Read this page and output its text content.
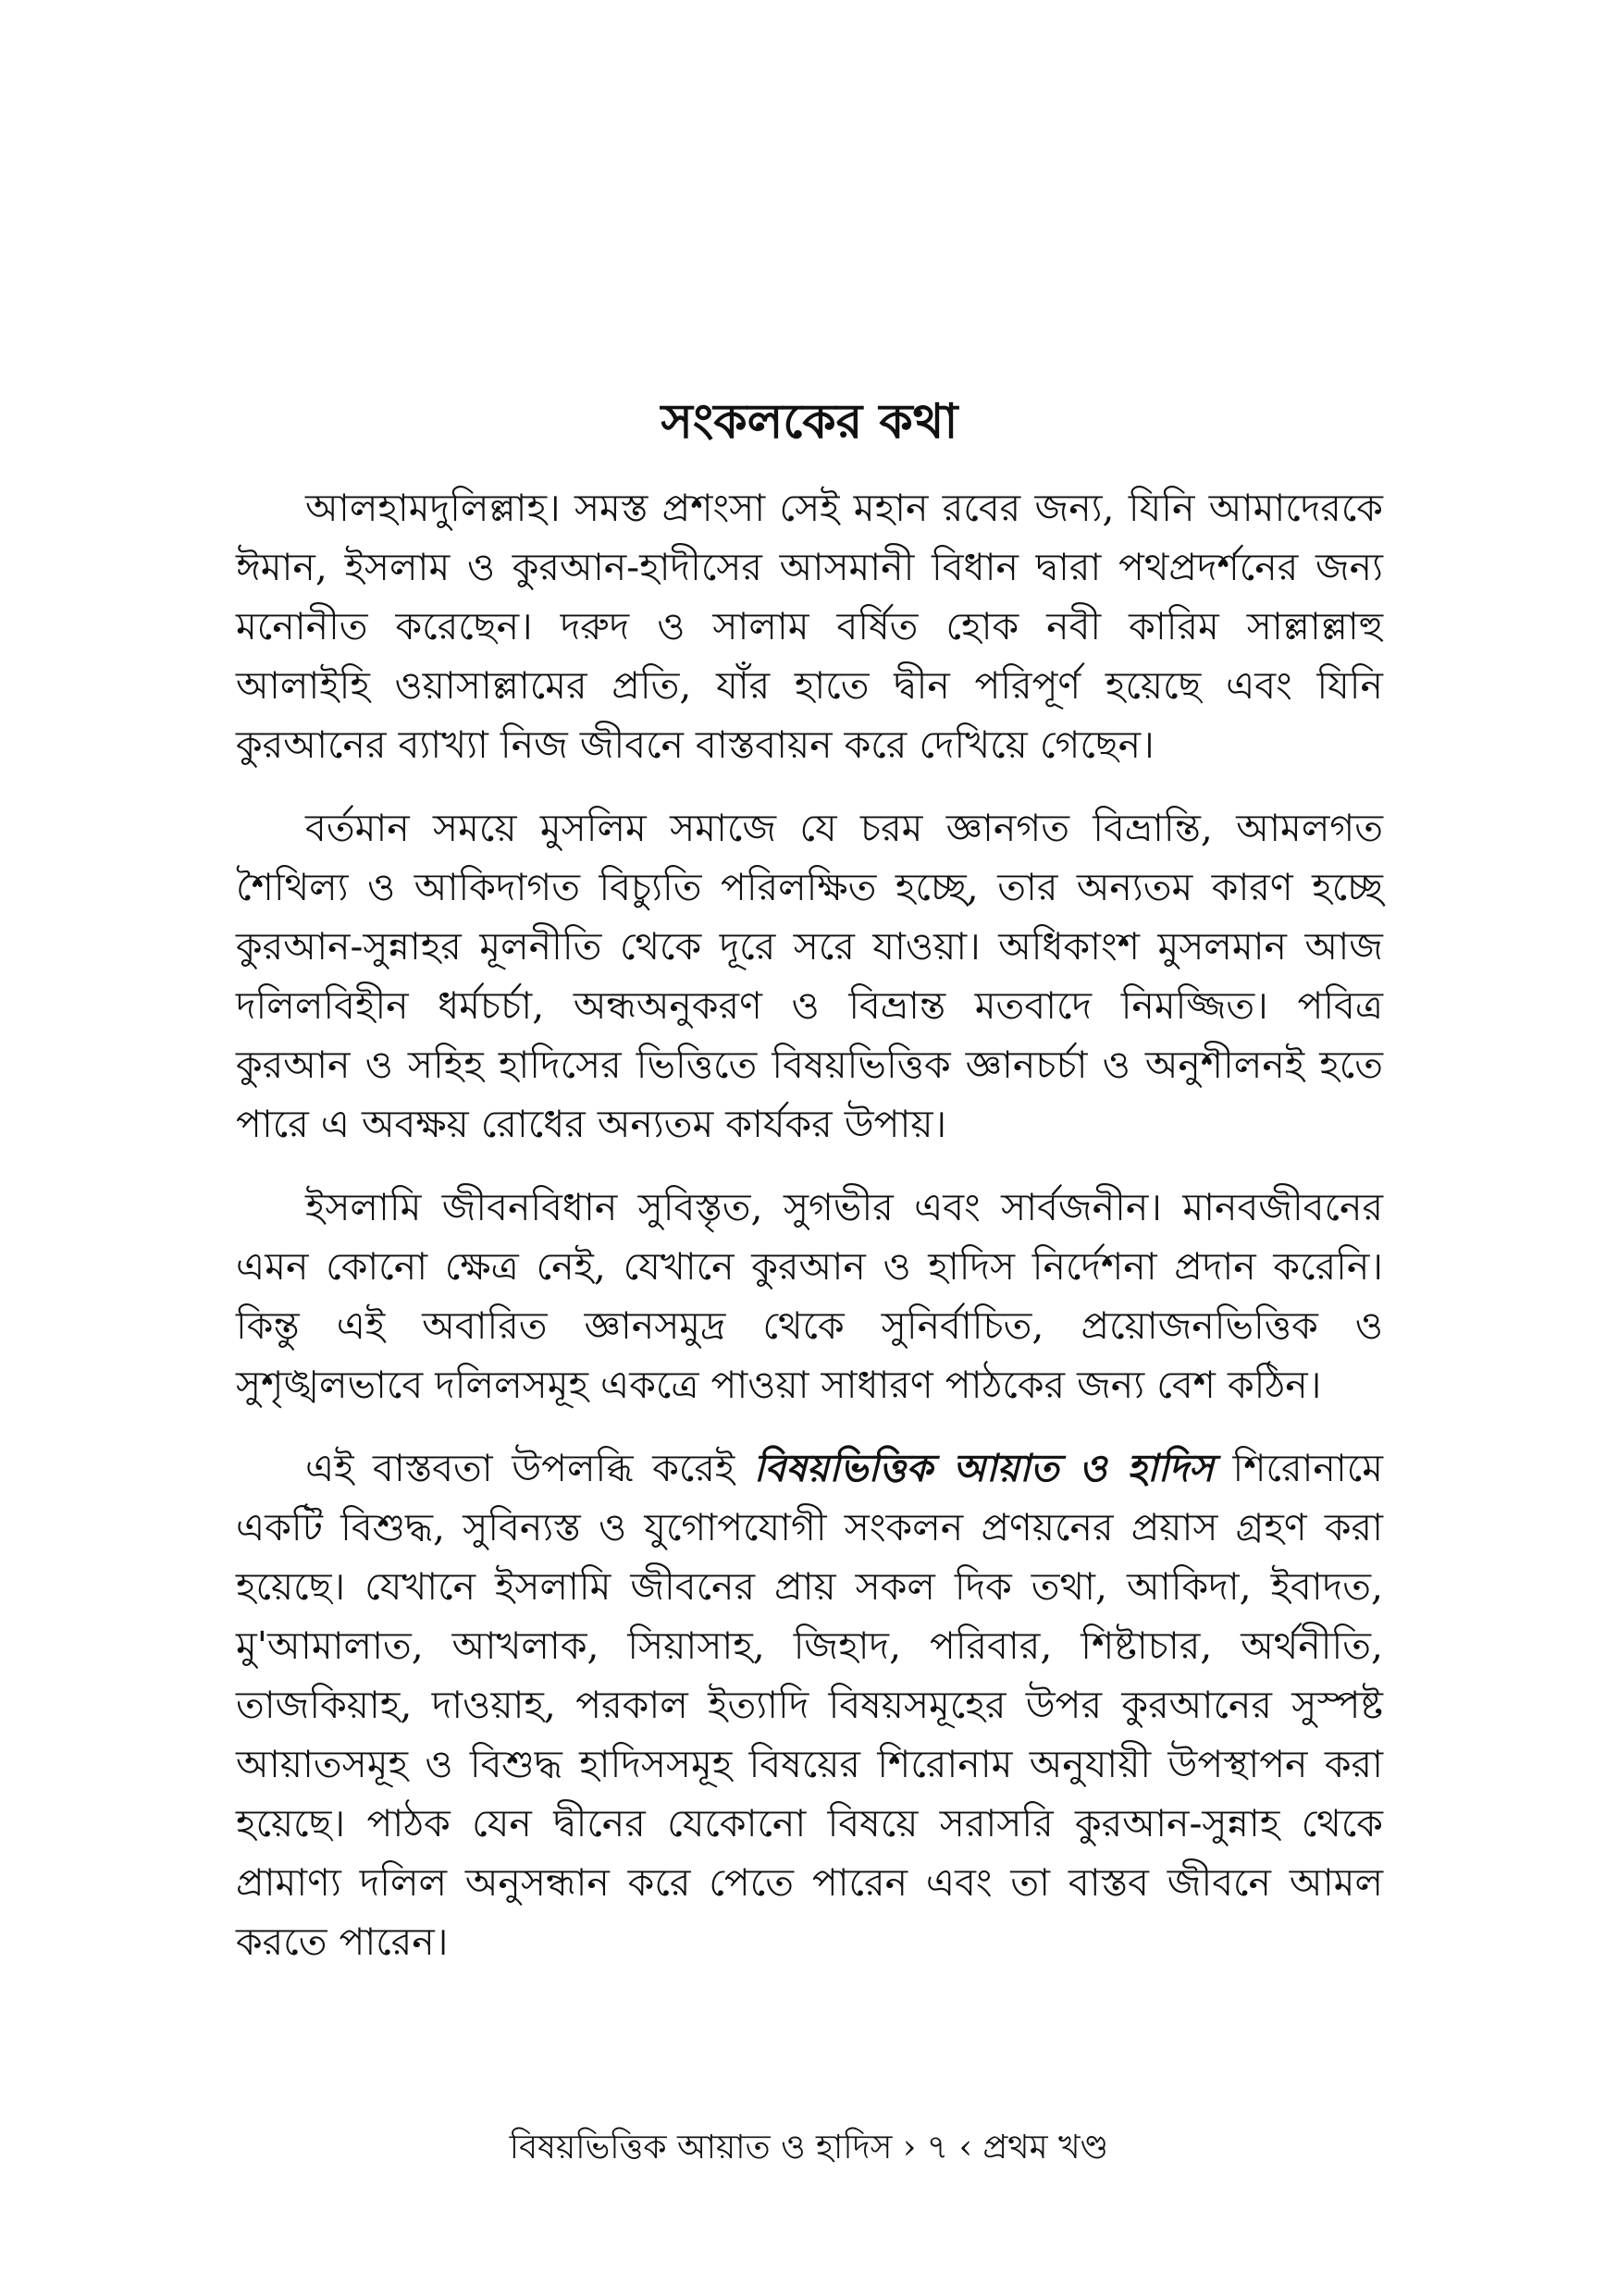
সংকলকের কথা

আলহামদুলিল্লাহ। সমস্ত প্রশংসা সেই মহান রবের জন্য, যিনি আমাদেরকে ঈমান, ইসলাম ও কুরআন-হাদীসের আসমানী বিধান দ্বারা পথপ্রদর্শনের জন্য মনোনীত করেছেন। দরুদ ও সালাম বর্ষিত হোক নবী কারিম সাল্লাল্লাহু আলাইহি ওয়াসাল্লামের প্রতি, যাঁর হাতে দ্বীন পরিপূর্ণ হয়েছে এবং যিনি কুরআনের ব্যাখ্যা নিজ জীবনে বাস্তবায়ন করে দেখিয়ে গেছেন।

বর্তমান সময়ে মুসলিম সমাজে যে চরম জ্ঞানগত বিভ্রান্তি, আমলগত শৈথিল্য ও আকিদাগত বিচ্যুতি পরিলক্ষিত হচ্ছে, তার অন্যতম কারণ হচ্ছে কুরআন-সুন্নাহর মূলনীতি থেকে দূরে সরে যাওয়া। অধিকাংশ মুসলমান আজ দলিলবিহীন ধর্মচর্চা, অন্ধঅনুকরণ ও বিভ্রান্ত মতবাদে নিমজ্জিত। পবিত্র কুরআন ও সহিহ হাদিসের ভিত্তিতে বিষয়ভিত্তিক জ্ঞানচর্চা ও অনুশীলনই হতে পারে এ অবক্ষয় রোধের অন্যতম কার্যকর উপায়।

ইসলামি জীবনবিধান সুবিস্তৃত, সুগভীর এবং সার্বজনীন। মানবজীবনের এমন কোনো ক্ষেত্র নেই, যেখানে কুরআন ও হাদিস নির্দেশনা প্রদান করেনি। কিন্তু এই অবারিত জ্ঞানসমুদ্র থেকে সুনির্বাচিত, প্রয়োজনভিত্তিক ও সুশৃঙ্খলভাবে দলিলসমূহ একত্রে পাওয়া সাধারণ পাঠকের জন্য বেশ কঠিন।

এই বাস্তবতা উপলব্ধি করেই বিষয়ভিত্তিক আয়াত ও হাদিস শিরোনামে একটি বিশুদ্ধ, সুবিন্যস্ত ও যুগোপযোগী সংকলন প্রণয়নের প্রয়াস গ্রহণ করা হয়েছে। যেখানে ইসলামি জীবনের প্রায় সকল দিক তথা, আকিদা, ইবাদত, মু'আমালাত, আখলাক, সিয়াসাহ, জিহাদ, পরিবার, শিষ্টাচার, অর্থনীতি, তাজকিয়াহ, দাওয়াহ, পরকাল ইত্যাদি বিষয়সমূহের উপর কুরআনের সুস্পষ্ট আয়াতসমূহ ও বিশুদ্ধ হাদিসসমূহ বিষয়ের শিরোনাম অনুযায়ী উপস্থাপন করা হয়েছে। পাঠক যেন দ্বীনের যেকোনো বিষয়ে সরাসরি কুরআন-সুন্নাহ থেকে প্রামাণ্য দলিল অনুসন্ধান করে পেতে পারেন এবং তা বাস্তব জীবনে আমল করতে পারেন।

বিষয়ভিত্তিক আয়াত ও হাদিস › ৭ ‹ প্রথম খণ্ড
